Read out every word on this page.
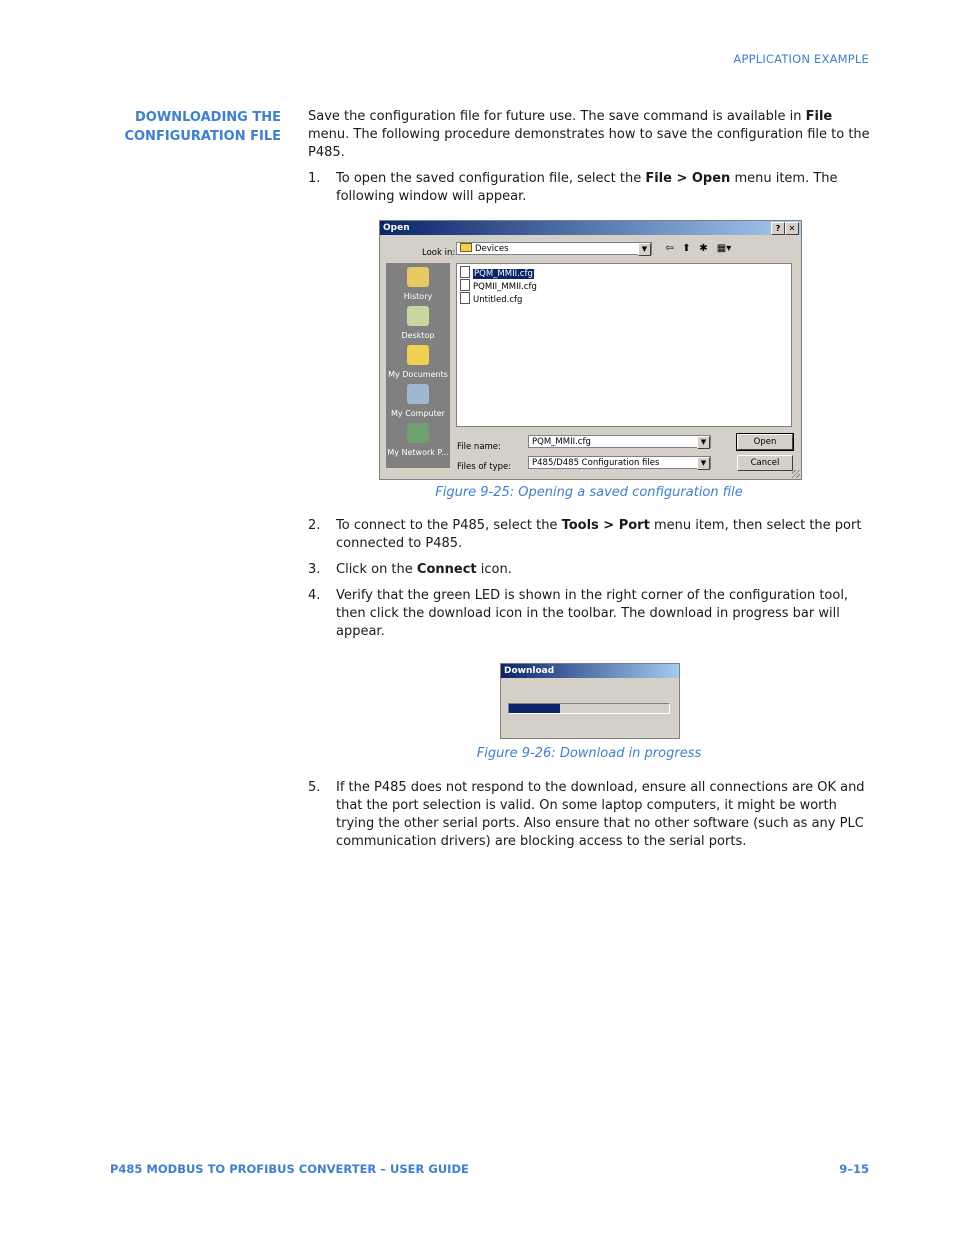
APPLICATION EXAMPLE
DOWNLOADING THE
CONFIGURATION FILE

Save the configuration file for future use. The save command is available in File menu. The following procedure demonstrates how to save the configuration file to the P485.

1.	To open the saved configuration file, select the File > Open menu item. The following window will appear.
Open	?	✕
Look in:	Devices	▼	⇦ ⬆ ✱ ▦▾
History
Desktop
My Documents
My Computer
My Network P...
PQM_MMII.cfg
PQMII_MMII.cfg
Untitled.cfg
File name:	PQM_MMII.cfg	▼
Files of type:	P485/D485 Configuration files	▼
Open
Cancel
Figure 9-25: Opening a saved configuration file
2.	To connect to the P485, select the Tools > Port menu item, then select the port connected to P485.
3.	Click on the Connect icon.
4.	Verify that the green LED is shown in the right corner of the configuration tool, then click the download icon in the toolbar. The download in progress bar will appear.
Download
Figure 9-26: Download in progress
5.	If the P485 does not respond to the download, ensure all connections are OK and that the port selection is valid. On some laptop computers, it might be worth trying the other serial ports. Also ensure that no other software (such as any PLC communication drivers) are blocking access to the serial ports.
P485 MODBUS TO PROFIBUS CONVERTER – USER GUIDE	9–15
